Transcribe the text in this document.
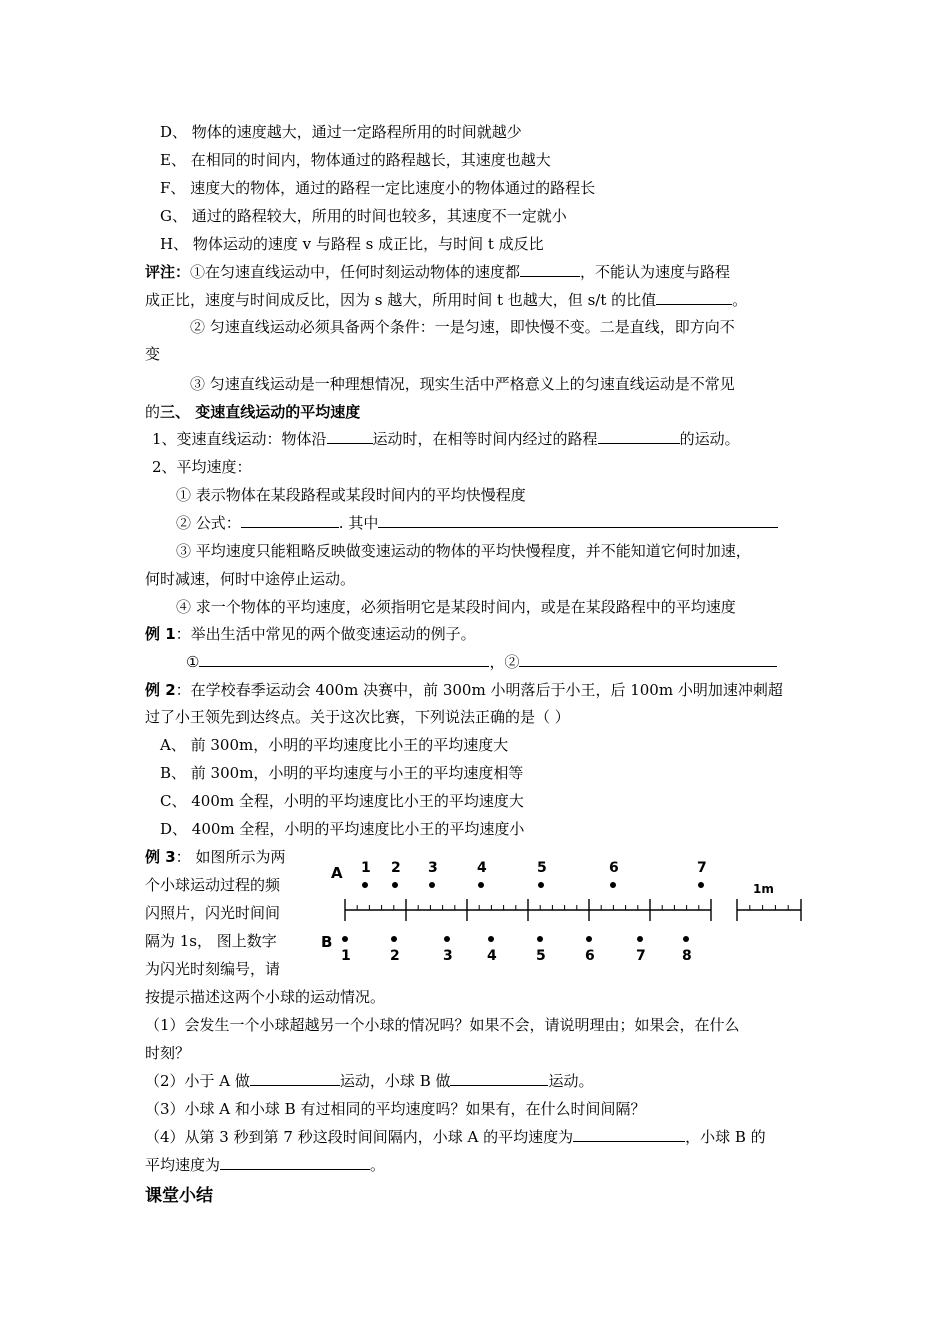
D、 物体的速度越大，通过一定路程所用的时间就越少
E、 在相同的时间内，物体通过的路程越长，其速度也越大
F、 速度大的物体，通过的路程一定比速度小的物体通过的路程长
G、 通过的路程较大，所用的时间也较多，其速度不一定就小
H、 物体运动的速度 v 与路程 s 成正比，与时间 t 成反比
评注：①在匀速直线运动中，任何时刻运动物体的速度都	，不能认为速度与路程
成正比，速度与时间成反比，因为 s 越大，所用时间 t 也越大，但 s/t 的比值	。
② 匀速直线运动必须具备两个条件：一是匀速，即快慢不变。二是直线，即方向不
变
③ 匀速直线运动是一种理想情况，现实生活中严格意义上的匀速直线运动是不常见
的三、 变速直线运动的平均速度
1、变速直线运动：物体沿	运动时，在相等时间内经过的路程	的运动。
2、平均速度：
① 表示物体在某段路程或某段时间内的平均快慢程度
② 公式：	. 其中
③ 平均速度只能粗略反映做变速运动的物体的平均快慢程度，并不能知道它何时加速，
何时减速，何时中途停止运动。
④ 求一个物体的平均速度，必须指明它是某段时间内，或是在某段路程中的平均速度
例 1：举出生活中常见的两个做变速运动的例子。
①	，②
例 2：在学校春季运动会 400m 决赛中，前 300m 小明落后于小王，后 100m 小明加速冲刺超
过了小王领先到达终点。关于这次比赛，下列说法正确的是（ ）
A、 前 300m，小明的平均速度比小王的平均速度大
B、 前 300m，小明的平均速度与小王的平均速度相等
C、 400m 全程，小明的平均速度比小王的平均速度大
D、 400m 全程，小明的平均速度比小王的平均速度小
例 3： 如图所示为两
个小球运动过程的频
闪照片，闪光时间间
隔为 1s， 图上数字
为闪光时刻编号，请
按提示描述这两个小球的运动情况。
A
B
1m
1 2 3	4	5	6	7
1	2	3 4	5	6	7	8
（1）会发生一个小球超越另一个小球的情况吗？如果不会，请说明理由；如果会，在什么
时刻？
（2）小于 A 做	运动，小球 B 做	运动。
（3）小球 A 和小球 B 有过相同的平均速度吗？如果有，在什么时间间隔？
（4）从第 3 秒到第 7 秒这段时间间隔内，小球 A 的平均速度为	，小球 B 的
平均速度为	。
课堂小结
